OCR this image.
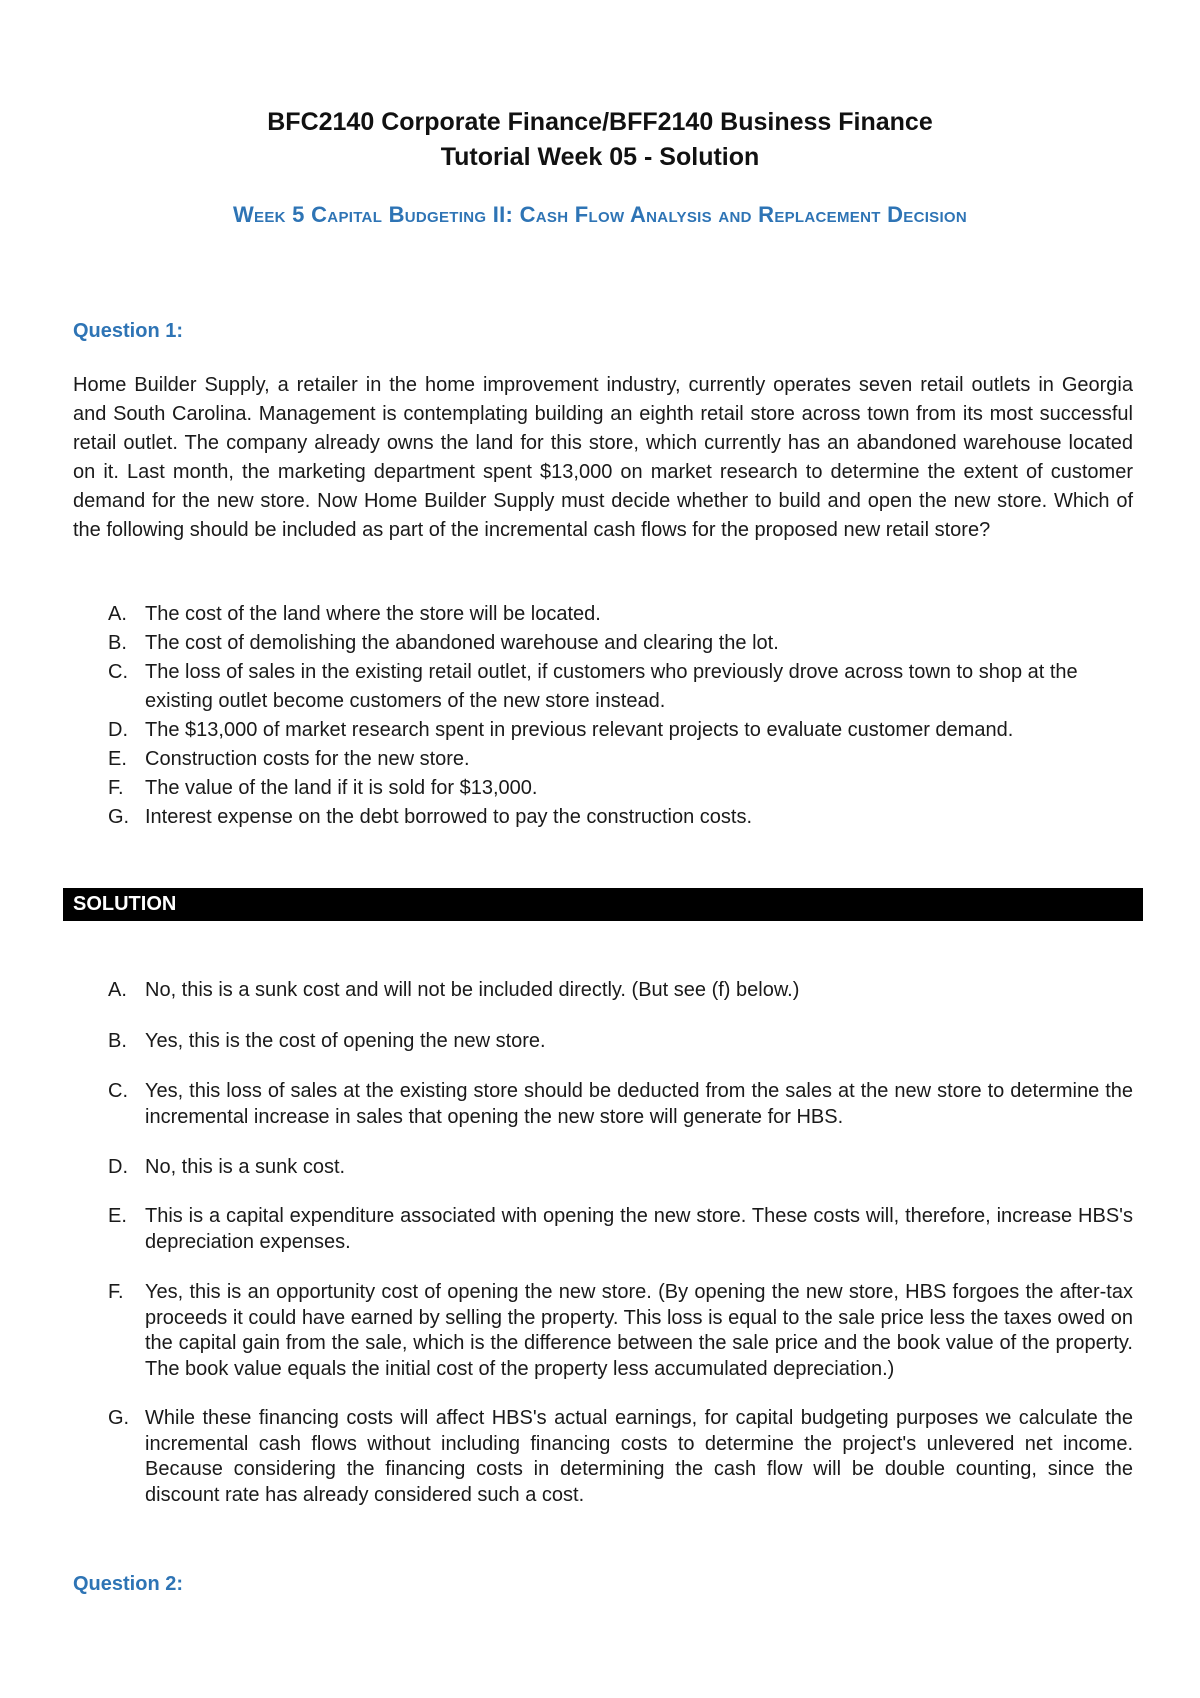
BFC2140 Corporate Finance/BFF2140 Business Finance
Tutorial Week 05 - Solution
Week 5 Capital Budgeting II: Cash Flow Analysis and Replacement Decision
Question 1:
Home Builder Supply, a retailer in the home improvement industry, currently operates seven retail outlets in Georgia and South Carolina. Management is contemplating building an eighth retail store across town from its most successful retail outlet. The company already owns the land for this store, which currently has an abandoned warehouse located on it. Last month, the marketing department spent $13,000 on market research to determine the extent of customer demand for the new store. Now Home Builder Supply must decide whether to build and open the new store. Which of the following should be included as part of the incremental cash flows for the proposed new retail store?
A. The cost of the land where the store will be located.
B. The cost of demolishing the abandoned warehouse and clearing the lot.
C. The loss of sales in the existing retail outlet, if customers who previously drove across town to shop at the existing outlet become customers of the new store instead.
D. The $13,000 of market research spent in previous relevant projects to evaluate customer demand.
E. Construction costs for the new store.
F. The value of the land if it is sold for $13,000.
G. Interest expense on the debt borrowed to pay the construction costs.
SOLUTION
A. No, this is a sunk cost and will not be included directly. (But see (f) below.)
B. Yes, this is the cost of opening the new store.
C. Yes, this loss of sales at the existing store should be deducted from the sales at the new store to determine the incremental increase in sales that opening the new store will generate for HBS.
D. No, this is a sunk cost.
E. This is a capital expenditure associated with opening the new store. These costs will, therefore, increase HBS's depreciation expenses.
F. Yes, this is an opportunity cost of opening the new store. (By opening the new store, HBS forgoes the after-tax proceeds it could have earned by selling the property. This loss is equal to the sale price less the taxes owed on the capital gain from the sale, which is the difference between the sale price and the book value of the property. The book value equals the initial cost of the property less accumulated depreciation.)
G. While these financing costs will affect HBS's actual earnings, for capital budgeting purposes we calculate the incremental cash flows without including financing costs to determine the project's unlevered net income. Because considering the financing costs in determining the cash flow will be double counting, since the discount rate has already considered such a cost.
Question 2:
